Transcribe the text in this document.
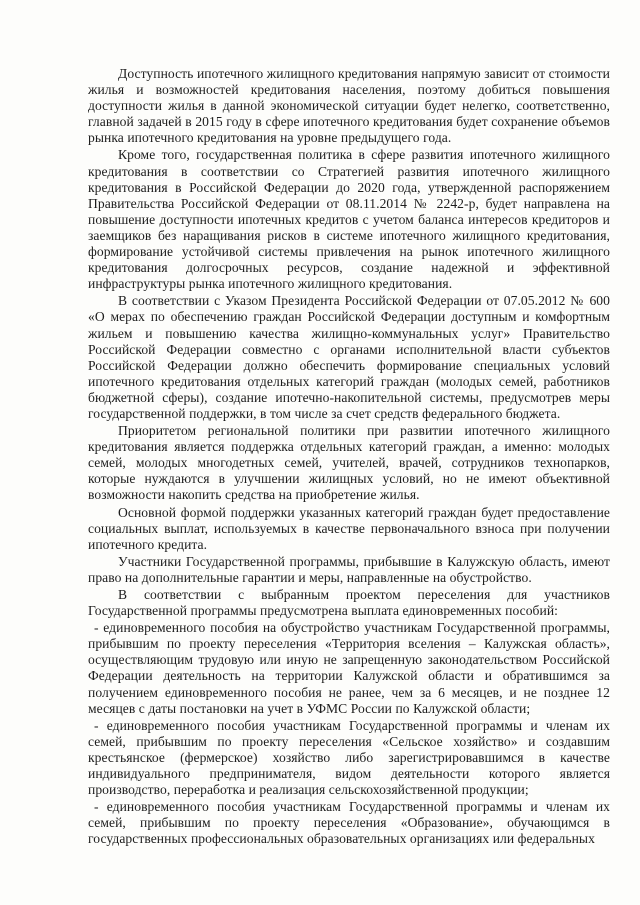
Доступность ипотечного жилищного кредитования напрямую зависит от стоимости жилья и возможностей кредитования населения, поэтому добиться повышения доступности жилья в данной экономической ситуации будет нелегко, соответственно, главной задачей в 2015 году в сфере ипотечного кредитования будет сохранение объемов рынка ипотечного кредитования на уровне предыдущего года.

Кроме того, государственная политика в сфере развития ипотечного жилищного кредитования в соответствии со Стратегией развития ипотечного жилищного кредитования в Российской Федерации до 2020 года, утвержденной распоряжением Правительства Российской Федерации от 08.11.2014 № 2242-р, будет направлена на повышение доступности ипотечных кредитов с учетом баланса интересов кредиторов и заемщиков без наращивания рисков в системе ипотечного жилищного кредитования, формирование устойчивой системы привлечения на рынок ипотечного жилищного кредитования долгосрочных ресурсов, создание надежной и эффективной инфраструктуры рынка ипотечного жилищного кредитования.

В соответствии с Указом Президента Российской Федерации от 07.05.2012 № 600 «О мерах по обеспечению граждан Российской Федерации доступным и комфортным жильем и повышению качества жилищно-коммунальных услуг» Правительство Российской Федерации совместно с органами исполнительной власти субъектов Российской Федерации должно обеспечить формирование специальных условий ипотечного кредитования отдельных категорий граждан (молодых семей, работников бюджетной сферы), создание ипотечно-накопительной системы, предусмотрев меры государственной поддержки, в том числе за счет средств федерального бюджета.

Приоритетом региональной политики при развитии ипотечного жилищного кредитования является поддержка отдельных категорий граждан, а именно: молодых семей, молодых многодетных семей, учителей, врачей, сотрудников технопарков, которые нуждаются в улучшении жилищных условий, но не имеют объективной возможности накопить средства на приобретение жилья.

Основной формой поддержки указанных категорий граждан будет предоставление социальных выплат, используемых в качестве первоначального взноса при получении ипотечного кредита.

Участники Государственной программы, прибывшие в Калужскую область, имеют право на дополнительные гарантии и меры, направленные на обустройство.

В соответствии с выбранным проектом переселения для участников Государственной программы предусмотрена выплата единовременных пособий:

- единовременного пособия на обустройство участникам Государственной программы, прибывшим по проекту переселения «Территория вселения – Калужская область», осуществляющим трудовую или иную не запрещенную законодательством Российской Федерации деятельность на территории Калужской области и обратившимся за получением единовременного пособия не ранее, чем за 6 месяцев, и не позднее 12 месяцев с даты постановки на учет в УФМС России по Калужской области;

- единовременного пособия участникам Государственной программы и членам их семей, прибывшим по проекту переселения «Сельское хозяйство» и создавшим крестьянское (фермерское) хозяйство либо зарегистрировавшимся в качестве индивидуального предпринимателя, видом деятельности которого является производство, переработка и реализация сельскохозяйственной продукции;

- единовременного пособия участникам Государственной программы и членам их семей, прибывшим по проекту переселения «Образование», обучающимся в государственных профессиональных образовательных организациях или федеральных
